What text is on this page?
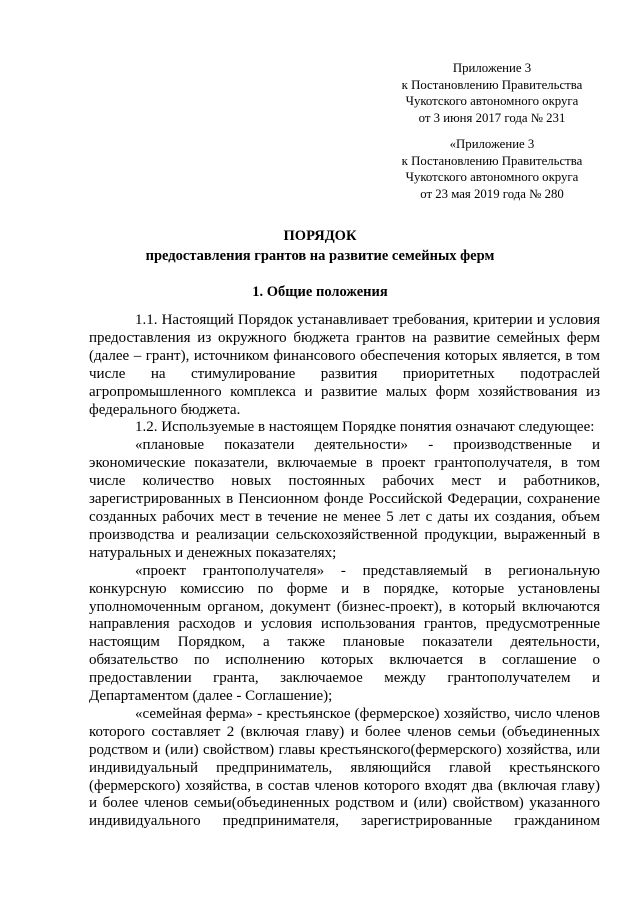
Приложение 3
к Постановлению Правительства
Чукотского автономного округа
от 3 июня 2017 года № 231
«Приложение 3
к Постановлению Правительства
Чукотского автономного округа
от 23 мая 2019 года № 280
ПОРЯДОК
предоставления грантов на развитие семейных ферм
1. Общие положения

1.1. Настоящий Порядок устанавливает требования, критерии и условия предоставления из окружного бюджета грантов на развитие семейных ферм (далее – грант), источником финансового обеспечения которых является, в том числе на стимулирование развития приоритетных подотраслей агропромышленного комплекса и развитие малых форм хозяйствования из федерального бюджета.

1.2. Используемые в настоящем Порядке понятия означают следующее:

«плановые показатели деятельности» - производственные и экономические показатели, включаемые в проект грантополучателя, в том числе количество новых постоянных рабочих мест и работников, зарегистрированных в Пенсионном фонде Российской Федерации, сохранение созданных рабочих мест в течение не менее 5 лет с даты их создания, объем производства и реализации сельскохозяйственной продукции, выраженный в натуральных и денежных показателях;

«проект грантополучателя» - представляемый в региональную конкурсную комиссию по форме и в порядке, которые установлены уполномоченным органом, документ (бизнес-проект), в который включаются направления расходов и условия использования грантов, предусмотренные настоящим Порядком, а также плановые показатели деятельности, обязательство по исполнению которых включается в соглашение о предоставлении гранта, заключаемое между грантополучателем и Департаментом (далее - Соглашение);

«семейная ферма» - крестьянское (фермерское) хозяйство, число членов которого составляет 2 (включая главу) и более членов семьи (объединенных родством и (или) свойством) главы крестьянского(фермерского) хозяйства, или индивидуальный предприниматель, являющийся главой крестьянского (фермерского) хозяйства, в состав членов которого входят два (включая главу) и более членов семьи(объединенных родством и (или) свойством) указанного индивидуального предпринимателя, зарегистрированные гражданином
